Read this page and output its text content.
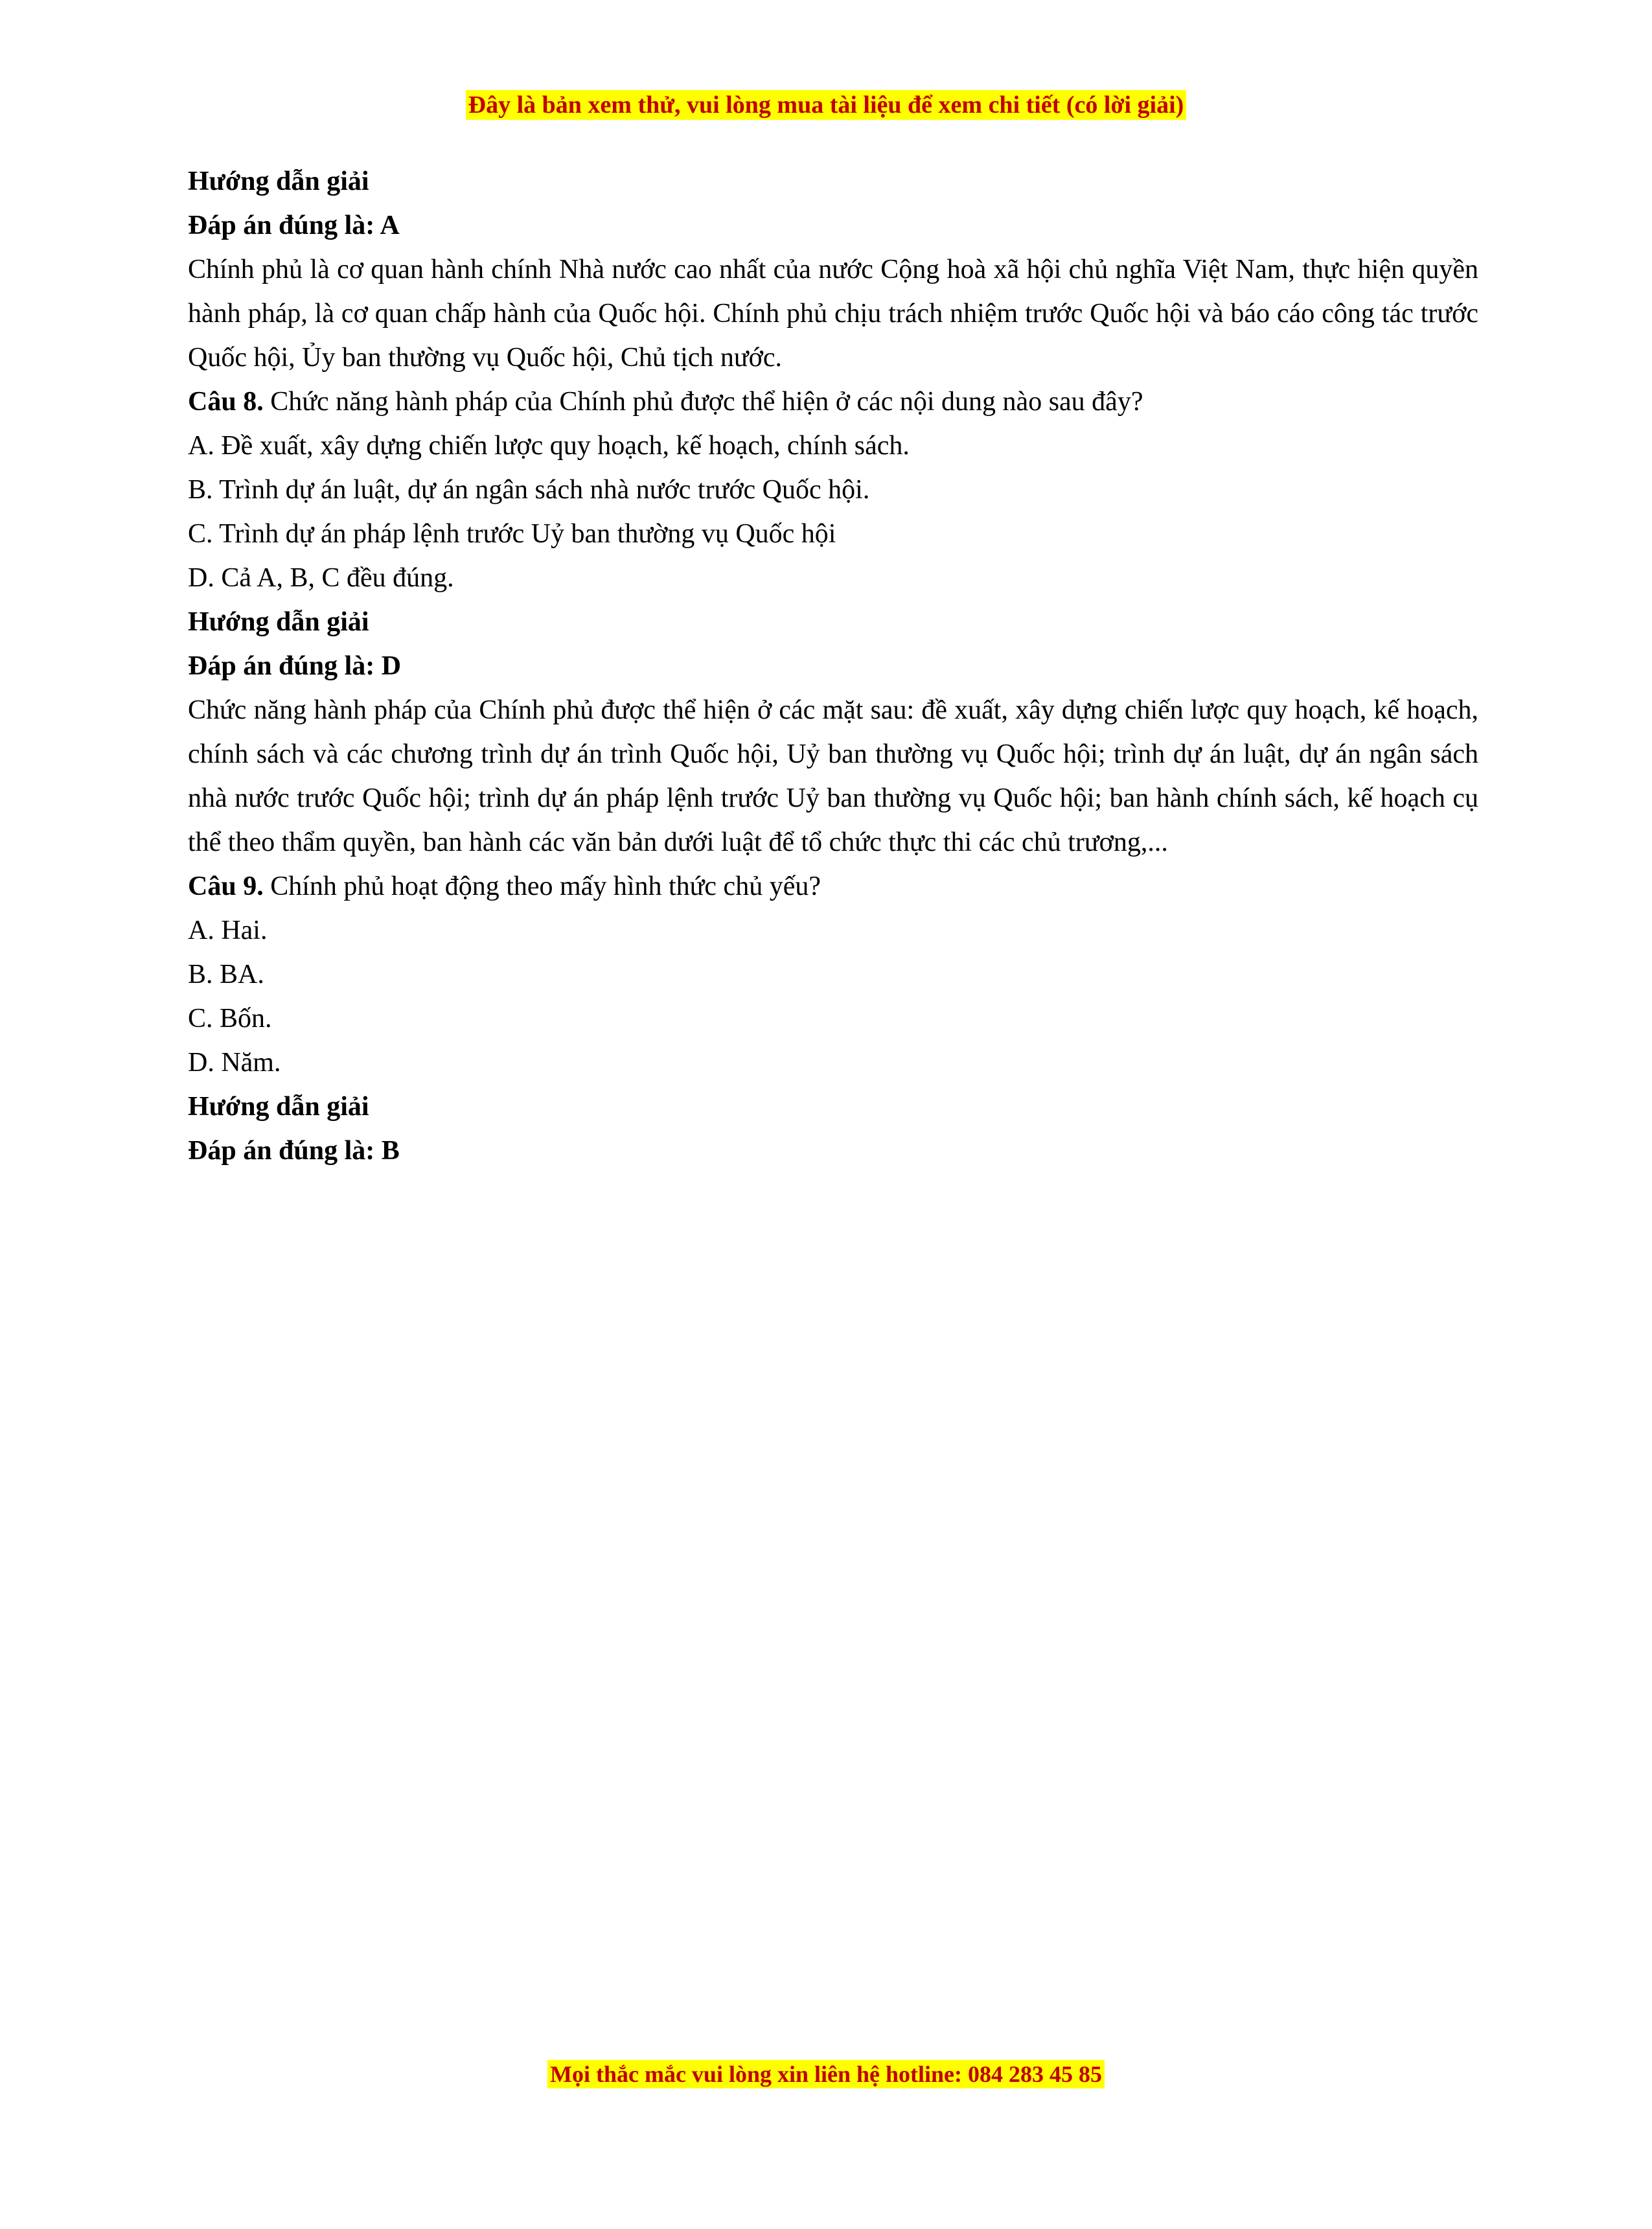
Đây là bản xem thử, vui lòng mua tài liệu để xem chi tiết (có lời giải)

Hướng dẫn giải

Đáp án đúng là: A

Chính phủ là cơ quan hành chính Nhà nước cao nhất của nước Cộng hoà xã hội chủ nghĩa Việt Nam, thực hiện quyền hành pháp, là cơ quan chấp hành của Quốc hội. Chính phủ chịu trách nhiệm trước Quốc hội và báo cáo công tác trước Quốc hội, Ủy ban thường vụ Quốc hội, Chủ tịch nước.

Câu 8. Chức năng hành pháp của Chính phủ được thể hiện ở các nội dung nào sau đây?

A. Đề xuất, xây dựng chiến lược quy hoạch, kế hoạch, chính sách.

B. Trình dự án luật, dự án ngân sách nhà nước trước Quốc hội.

C. Trình dự án pháp lệnh trước Uỷ ban thường vụ Quốc hội

D. Cả A, B, C đều đúng.

Hướng dẫn giải

Đáp án đúng là: D

Chức năng hành pháp của Chính phủ được thể hiện ở các mặt sau: đề xuất, xây dựng chiến lược quy hoạch, kế hoạch, chính sách và các chương trình dự án trình Quốc hội, Uỷ ban thường vụ Quốc hội; trình dự án luật, dự án ngân sách nhà nước trước Quốc hội; trình dự án pháp lệnh trước Uỷ ban thường vụ Quốc hội; ban hành chính sách, kế hoạch cụ thể theo thẩm quyền, ban hành các văn bản dưới luật để tổ chức thực thi các chủ trương,...

Câu 9. Chính phủ hoạt động theo mấy hình thức chủ yếu?

A. Hai.

B. BA.

C. Bốn.

D. Năm.

Hướng dẫn giải

Đáp án đúng là: B

Mọi thắc mắc vui lòng xin liên hệ hotline: 084 283 45 85
